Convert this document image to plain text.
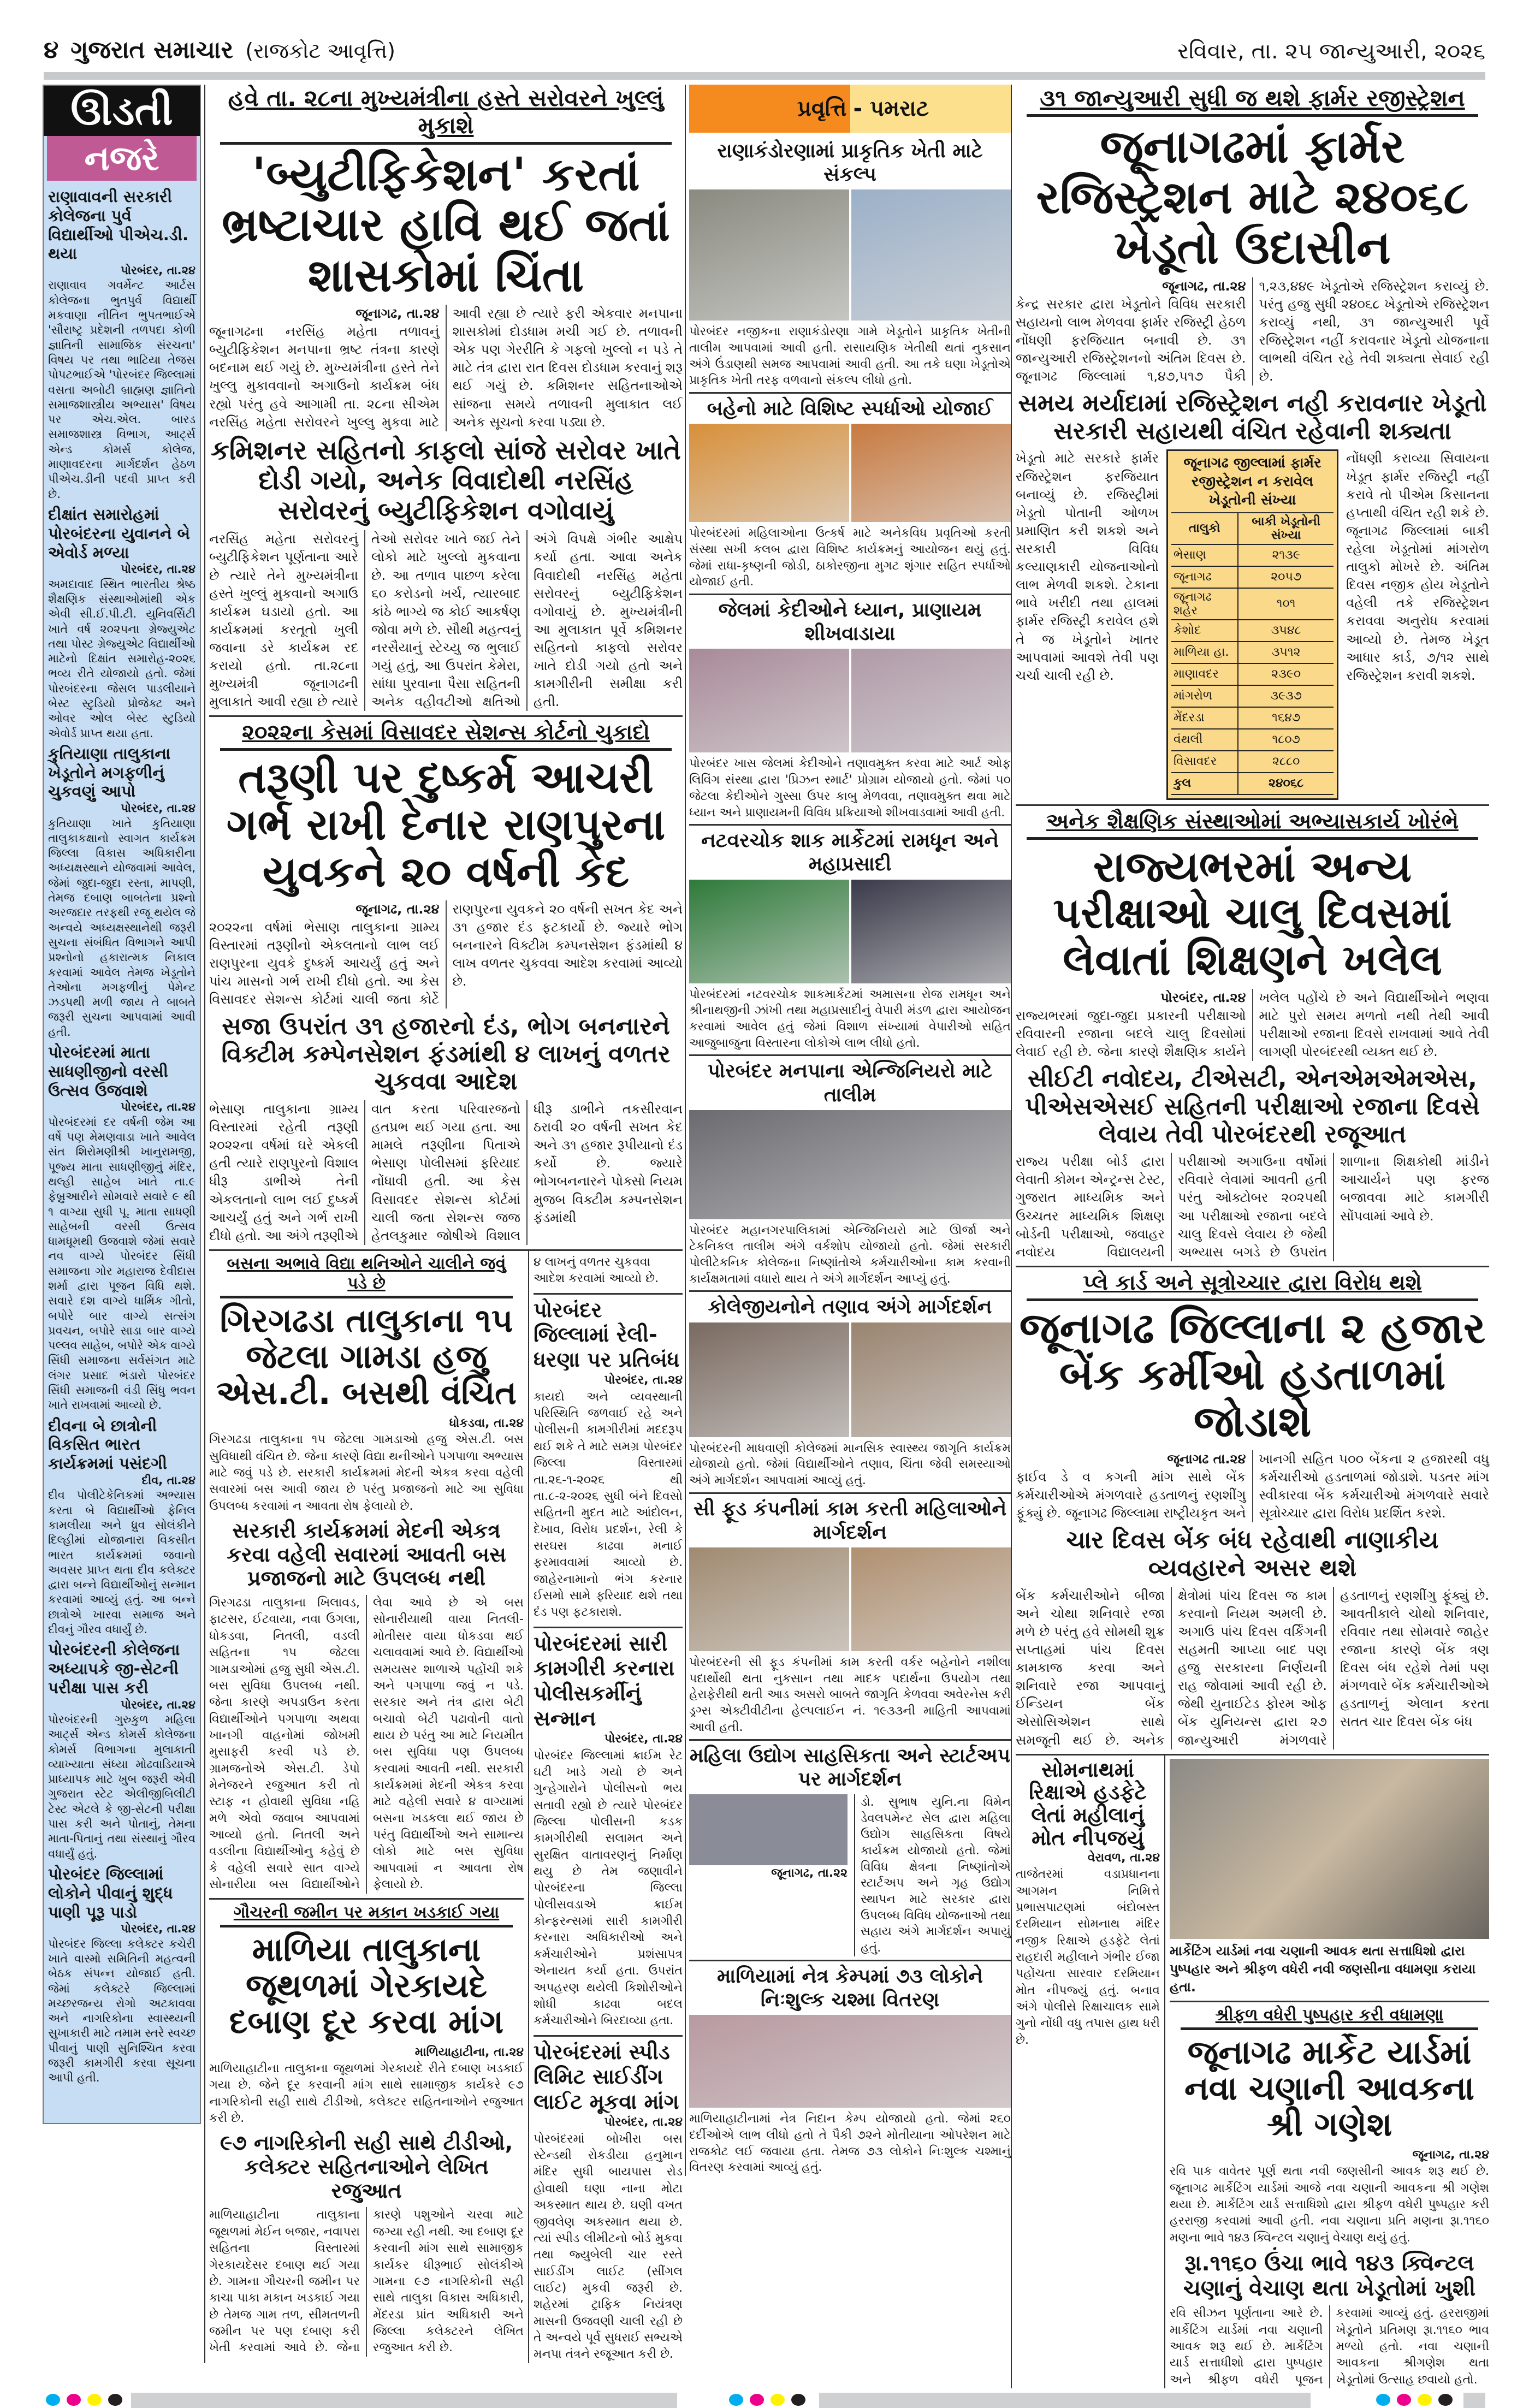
૪ ગુજરાત સમાચાર (રાજકોટ આવૃત્તિ)	રવિવાર, તા. ૨૫ જાન્યુઆરી, ૨૦૨૬
ઊડતી
નજરે
રાણાવાવની સરકારી કોલેજના પુર્વ વિદ્યાર્થીઓ પીએચ.ડી. થયા
પોરબંદર, તા.૨૪
રાણાવાવ ગવર્મેન્ટ આર્ટસ કોલેજના ભુતપુર્વ વિદ્યાર્થી મકવાણા નીતિન ભુપતભાઈએ 'સૌરાષ્ટ્ર પ્રદેશની તળપદા કોળી જ્ઞાતિની સામાજિક સંરચના' વિષય પર તથા ભાટિયા તેજસ પોપટભાઈએ 'પોરબંદર જિલ્લામાં વસતા અબોટી બ્રાહ્મણ જ્ઞાતિનો સમાજશાસ્ત્રીય અભ્યાસ' વિષય પર એચ.એલ. બારડ સમાજશાસ્ત્ર વિભાગ, આર્ટ્સ એન્ડ કોમર્સ કોલેજ, માણાવદરના માર્ગદર્શન હેઠળ પીએચ.ડીની પદવી પ્રાપ્ત કરી છે.
દીક્ષાંત સમારોહમાં પોરબંદરના યુવાનને બે એવોર્ડ મળ્યા
પોરબંદર, તા.૨૪
અમદાવાદ સ્થિત ભારતીય શ્રેષ્ઠ શૈક્ષણિક સંસ્થાઓમાંથી એક એવી સી.ઈ.પી.ટી. યુનિવર્સિટી ખાતે વર્ષ ૨૦૨૫ના ગ્રેજ્યુએટ તથા પોસ્ટ ગ્રેજ્યુએટ વિદ્યાર્થીઓ માટેનો દિક્ષાંત સમારોહ-૨૦૨૬ ભવ્ય રીતે યોજાયો હતો. જેમાં પોરબંદરના જેસલ પાડલીયાને બેસ્ટ સ્ટુડિયો પ્રોજેક્ટ અને ઓવર ઓલ બેસ્ટ સ્ટુડિયો એવોર્ડ પ્રાપ્ત થયા હતા.
કુતિયાણા તાલુકાના ખેડૂતોને મગફળીનું ચુકવણું આપો
પોરબંદર, તા.૨૪
કુતિયાણા ખાતે કુતિયાણા તાલુકાકક્ષાનો સ્વાગત કાર્યક્રમ જિલ્લા વિકાસ અધિકારીના અધ્યક્ષસ્થાને યોજવામાં આવેલ, જેમાં જુદા-જુદા રસ્તા, માપણી, તેમજ દબાણ બાબતેના પ્રશ્નો અરજદાર તરફથી રજૂ થયેલ જે અન્વયે અધ્યક્ષસ્થાનેથી જરૂરી સુચના સંબંધિત વિભાગને આપી પ્રશ્નોનો હકારાત્મક નિકાલ કરવામાં આવેલ તેમજ ખેડૂતોને તેઓના મગફળીનું પેમેન્ટ ઝડપથી મળી જાય તે બાબતે જરૂરી સુચના આપવામાં આવી હતી.
પોરબંદરમાં માતા સાધણીજીનો વરસી ઉત્સવ ઉજવાશે
પોરબંદર, તા.૨૪
પોરબંદરમાં દર વર્ષની જેમ આ વર્ષે પણ મેમણવાડા ખાતે આવેલ સંત શિરોમણીશ્રી ખાનુરામજી, પૂજ્ય માતા સાધણીજીનું મંદિર, થલ્હી સાહેબ ખાતે તા.૯ ફેબ્રુઆરીને સોમવારે સવારે ૯ થી ૧ વાગ્યા સુધી પૂ. માતા સાધણી સાહેબની વરસી ઉત્સવ ધામધૂમથી ઉજવાશે જેમાં સવારે નવ વાગ્યે પોરબંદર સિંધી સમાજના ગોર મહારાજ દેવીદાસ શર્મા દ્વારા પૂજન વિધિ થશે. સવારે દશ વાગ્યે ધાર્મિક ગીતો, બપોરે બાર વાગ્યે સત્સંગ પ્રવચન, બપોરે સાડા બાર વાગ્યે પલ્લવ સાહેબ, બપોરે એક વાગ્યે સિંધી સમાજના સર્વસંગત માટે લંગર પ્રસાદ ભંડારો પોરબંદર સિંધી સમાજની વંડી સિંધુ ભવન ખાતે રાખવામાં આવ્યો છે.
દીવના બે છાત્રોની વિકસિત ભારત કાર્યક્રમમાં પસંદગી
દીવ, તા.૨૪
દીવ પોલીટેકેનિકમાં અભ્યાસ કરતા બે વિદ્યાર્થીઓ ફેનિલ કામલીયા અને ધ્રુવ સોલંકીને દિલ્હીમાં યોજાનારા વિકસીત ભારત કાર્યક્રમમાં જવાનો અવસર પ્રાપ્ત થતા દીવ કલેક્ટર દ્વારા બન્ને વિદ્યાર્થીઓનું સન્માન કરવામાં આવ્યું હતું. આ બન્ને છાત્રોએ ખારવા સમાજ અને દીવનું ગૌરવ વધાર્યું છે.
પોરબંદરની કોલેજના અધ્યાપકે જી-સેટની પરીક્ષા પાસ કરી
પોરબંદર, તા.૨૪
પોરબંદરની ગુરુકુળ મહિલા આર્ટ્સ એન્ડ કોમર્સ કોલેજના કોમર્સ વિભાગના મુલાકાતી વ્યાખ્યાતા સંધ્યા મોઢવાડિયાએ પ્રાધ્યાપક માટે ખુબ જરૂરી એવી ગુજરાત સ્ટેટ એલીજીબિલીટી ટેસ્ટ એટલે કે જી-સેટની પરીક્ષા પાસ કરી અને પોતાનું, તેમના માતા-પિતાનું તથા સંસ્થાનું ગૌરવ વધાર્યું હતું.
પોરબંદર જિલ્લામાં લોકોને પીવાનું શુદ્ધ પાણી પૂરૂ પાડો
પોરબંદર, તા.૨૪
પોરબંદર જિલ્લા કલેક્ટર કચેરી ખાતે વાસ્મો સમિતિની મહત્વની બેઠક સંપન્ન યોજાઈ હતી. જેમાં કલેક્ટરે જિલ્લામાં મચ્છરજન્ય રોગો અટકાવવા અને નાગરિકોના સ્વાસ્થ્યની સુખાકારી માટે તમામ સ્તરે સ્વચ્છ પીવાનું પાણી સુનિશ્ચિત કરવા જરૂરી કામગીરી કરવા સૂચના આપી હતી.
હવે તા. ૨૮ના મુખ્યમંત્રીના હસ્તે સરોવરને ખુલ્લું મુકાશે
'બ્યુટીફિકેશન' કરતાં ભ્રષ્ટાચાર હાવિ થઈ જતાં શાસકોમાં ચિંતા
જૂનાગઢ, તા.૨૪
જૂનાગઢના નરસિંહ મહેતા તળાવનું બ્યુટીફિકેશન મનપાના ભ્રષ્ટ તંત્રના કારણે બદનામ થઈ ગયું છે. મુખ્યમંત્રીના હસ્તે તેને ખુલ્લુ મુકાવવાનો અગાઉનો કાર્યક્રમ બંધ રહ્યો પરંતુ હવે આગામી તા. ૨૮ના સીએમ નરસિંહ મહેતા સરોવરને ખુલ્લુ મુકવા માટે આવી રહ્યા છે ત્યારે ફરી એકવાર મનપાના શાસકોમાં દોડધામ મચી ગઈ છે. તળાવની એક પણ ગેરરીતિ કે ગફલો ખુલ્લો ન પડે તે માટે તંત્ર દ્વારા રાત દિવસ દોડધામ કરવાનું શરૂ થઈ ગયું છે. કમિશનર સહિતનાઓએ સાંજના સમયે તળાવની મુલાકાત લઈ અનેક સૂચનો કરવા પડ્યા છે.
કમિશનર સહિતનો કાફલો સાંજે સરોવર ખાતે દોડી ગયો, અનેક વિવાદોથી નરસિંહ સરોવરનું બ્યુટીફિકેશન વગોવાયું
નરસિંહ મહેતા સરોવરનું બ્યુટીફિકેશન પૂર્ણતાના આરે છે ત્યારે તેને મુખ્યમંત્રીના હસ્તે ખુલ્લું મુકવાનો અગાઉ કાર્યક્રમ ઘડાયો હતો. આ કાર્યક્રમમાં કરતૂતો ખુલી જવાના ડરે કાર્યક્રમ રદ કરાયો હતો. તા.૨૮ના મુખ્યમંત્રી જૂનાગઢની મુલાકાતે આવી રહ્યા છે ત્યારે તેઓ સરોવર ખાતે જઈ તેને લોકો માટે ખુલ્લો મુકવાના છે. આ તળાવ પાછળ કરેલા ૬૦ કરોડનો ખર્ચ, ત્યારબાદ કાંઠે ભાગ્યે જ કોઈ આકર્ષણ જોવા મળે છે. સૌથી મહત્વનું નરસૈયાનું સ્ટેચ્યુ જ ભુલાઈ ગયું હતું, આ ઉપરાંત કેમેરા, સાંધા પુરવાના પૈસા સહિતની અનેક વહીવટીઓ ક્ષતિઓ અંગે વિપક્ષે ગંભીર આક્ષેપ કર્યા હતા. આવા અનેક વિવાદોથી નરસિંહ મહેતા સરોવરનું બ્યુટીફિકેશન વગોવાયું છે. મુખ્યમંત્રીની આ મુલાકાત પૂર્વે કમિશનર સહિતનો કાફલો સરોવર ખાતે દોડી ગયો હતો અને કામગીરીની સમીક્ષા કરી હતી.
૨૦૨૨ના કેસમાં વિસાવદર સેશન્સ કોર્ટનો ચુકાદો
તરૂણી પર દુષ્કર્મ આચરી ગર્ભ રાખી દેનાર રાણપુરના યુવકને ૨૦ વર્ષની કેદ
જૂનાગઢ, તા.૨૪
૨૦૨૨ના વર્ષમાં ભેસાણ તાલુકાના ગ્રામ્ય વિસ્તારમાં તરૂણીનો એકલતાનો લાભ લઈ રાણપુરના યુવકે દુષ્કર્મ આચર્યું હતું અને પાંચ માસનો ગર્ભ રાખી દીધો હતો. આ કેસ વિસાવદર સેશન્સ કોર્ટમાં ચાલી જતા કોર્ટે રાણપુરના યુવકને ૨૦ વર્ષની સખત કેદ અને ૩૧ હજાર દંડ ફટકાર્યો છે. જ્યારે ભોગ બનનારને વિક્ટીમ કમ્પનસેશન ફંડમાંથી ૪ લાખ વળતર ચુકવવા આદેશ કરવામાં આવ્યો છે.
સજા ઉપરાંત ૩૧ હજારનો દંડ, ભોગ બનનારને વિક્ટીમ કમ્પેનસેશન ફંડમાંથી ૪ લાખનું વળતર ચુકવવા આદેશ
ભેસાણ તાલુકાના ગ્રામ્ય વિસ્તારમાં રહેતી તરૂણી ૨૦૨૨ના વર્ષમાં ઘરે એકલી હતી ત્યારે રાણપુરનો વિશાલ ધીરૂ ડાભીએ તેની એકલતાનો લાભ લઈ દુષ્કર્મ આચર્યું હતું અને ગર્ભ રાખી દીધો હતો. આ અંગે તરૂણીએ વાત કરતા પરિવારજનો હતપ્રભ થઈ ગયા હતા. આ મામલે તરૂણીના પિતાએ ભેસાણ પોલીસમાં ફરિયાદ નોંધાવી હતી. આ કેસ વિસાવદર સેશન્સ કોર્ટમાં ચાલી જતા સેશન્સ જજ હેતલકુમાર જોષીએ વિશાલ ધીરૂ ડાભીને તકસીરવાન ઠરાવી ૨૦ વર્ષની સખત કેદ અને ૩૧ હજાર રૂપીયાનો દંડ કર્યો છે. જ્યારે ભોગબનનારને પોક્સો નિયમ મુજબ વિક્ટીમ કમ્પનસેશન ફંડમાંથી
બસના અભાવે વિદ્યા થનિઓને ચાલીને જવું પડે છે
ગિરગઢડા તાલુકાના ૧૫ જેટલા ગામડા હજુ એસ.ટી. બસથી વંચિત
ધોકડવા, તા.૨૪
ગિરગઢડા તાલુકાના ૧૫ જેટલા ગામડાઓ હજુ એસ.ટી. બસ સુવિધાથી વંચિત છે. જેના કારણે વિદ્યા થનીઓને પગપાળા અભ્યાસ માટે જવું પડે છે. સરકારી કાર્યક્રમમાં મેદની એકત્ર કરવા વહેલી સવારમાં બસ આવી જાય છે પરંતુ પ્રજાજનો માટે આ સુવિધા ઉપલબ્ધ કરવામાં ન આવતા રોષ ફેલાયો છે.
સરકારી કાર્યક્રમમાં મેદની એકત્ર કરવા વહેલી સવારમાં આવતી બસ પ્રજાજનો માટે ઉપલબ્ધ નથી
ગિરગઢડા તાલુકાના ખિલાવડ, ફાટસર, ઈટવાયા, નવા ઉગલા, ધોકડવા, નિતલી, વડલી સહિતના ૧૫ જેટલા ગામડાઓમાં હજુ સુધી એસ.ટી. બસ સુવિધા ઉપલબ્ધ નથી. જેના કારણે અપડાઉન કરતા વિદ્યાર્થીઓને પગપાળા અથવા ખાનગી વાહનોમાં જોખમી મુસાફરી કરવી પડે છે. ગ્રામજનોએ એસ.ટી. ડેપો મેનેજરને રજુઆત કરી તો સ્ટાફ ન હોવાથી સુવિધા નહિ મળે એવો જવાબ આપવામાં આવ્યો હતો. નિતલી અને વડલીના વિદ્યાર્થીઓનુ કહેવું છે કે વહેલી સવારે સાત વાગ્યે સોનારીયા બસ વિદ્યાર્થીઓને લેવા આવે છે એ બસ સોનારીયાથી વાયા નિતલી-મોતીસર વાયા ધોકડવા થઈ ચલાવવામાં આવે છે. વિદ્યાર્થીઓ સમયસર શાળાએ પહોંચી શકે અને પગપાળા જવું ન પડે. સરકાર અને તંત્ર દ્વારા બેટી બચાવો બેટી પઢાવોની વાતો થાય છે પરંતુ આ માટે નિયમીત બસ સુવિધા પણ ઉપલબ્ધ કરવામાં આવતી નથી. સરકારી કાર્યક્રમમાં મેદની એકત્ર કરવા માટે વહેલી સવારે ૪ વાગ્યામાં બસના ખડકલા થઈ જાય છે પરંતુ વિદ્યાર્થીઓ અને સામાન્ય લોકો માટે બસ સુવિધા આપવામાં ન આવતા રોષ ફેલાયો છે.
ગૌચરની જમીન પર મકાન ખડકાઈ ગયા
માળિયા તાલુકાના જૂથળમાં ગેરકાયદે દબાણ દૂર કરવા માંગ
માળિયાહાટીના, તા.૨૪
માળિયાહાટીના તાલુકાના જૂથળમાં ગેરકાયદે રીતે દબાણ ખડકાઈ ગયા છે. જેને દૂર કરવાની માંગ સાથે સામાજીક કાર્યકરે ૯૭ નાગરિકોની સહી સાથે ટીડીઓ, કલેક્ટર સહિતનાઓને રજુઆત કરી છે.
૯૭ નાગરિકોની સહી સાથે ટીડીઓ, કલેક્ટર સહિતનાઓને લેખિત રજુઆત
માળિયાહાટીના તાલુકાના જૂથળમાં મેઈન બજાર, નવાપરા સહિતના વિસ્તારમાં ગેરકાયદેસર દબાણ થઈ ગયા છે. ગામના ગૌચરની જમીન પર કાચા પાકા મકાન ખડકાઈ ગયા છે તેમજ ગામ તળ, સીમતળની જમીન પર પણ દબાણ કરી ખેતી કરવામાં આવે છે. જેના કારણે પશુઓને ચરવા માટે જગ્યા રહી નથી. આ દબાણ દૂર કરવાની માંગ સાથે સામાજીક કાર્યકર ધીરૂભાઈ સોલંકીએ ગામના ૯૭ નાગરિકોની સહી સાથે તાલુકા વિકાસ અધિકારી, મેંદરડા પ્રાંત અધિકારી અને જિલ્લા કલેક્ટરને લેખિત રજુઆત કરી છે.
૪ લાખનું વળતર ચુકવવા આદેશ કરવામાં આવ્યો છે.
પોરબંદર જિલ્લામાં રેલી-ધરણા પર પ્રતિબંધ
પોરબંદર, તા.૨૪
કાયદો અને વ્યવસ્થાની પરિસ્થિતિ જળવાઈ રહે અને પોલીસની કામગીરીમાં મદદરૂપ થઈ શકે તે માટે સમગ્ર પોરબંદર જિલ્લા વિસ્તારમાં તા.૨૬-૧-૨૦૨૬ થી તા.૮-૨-૨૦૨૬ સુધી બંને દિવસો સહિતની મુદત માટે આંદોલન, દેખાવ, વિરોધ પ્રદર્શન, રેલી કે સરઘસ કાઢવા મનાઈ ફરમાવવામાં આવ્યો છે. જાહેરનામાનો ભંગ કરનાર ઈસમો સામે ફરિયાદ થશે તથા દંડ પણ ફટકારાશે.
પોરબંદરમાં સારી કામગીરી કરનારા પોલીસકર્મીનું સન્માન
પોરબંદર, તા.૨૪
પોરબંદર જિલ્લામાં ક્રાઈમ રેટ ઘટી ખાડે ગયો છે અને ગુન્હેગારોને પોલીસનો ભય સતાવી રહ્યો છે ત્યારે પોરબંદર જિલ્લા પોલીસની કડક કામગીરીથી સલામત અને સુરક્ષિત વાતાવરણનું નિર્માણ થયુ છે તેમ જણાવીને પોરબંદરના જિલ્લા પોલીસવડાએ ક્રાઈમ કોન્ફરન્સમાં સારી કામગીરી કરનારા અધિકારીઓ અને કર્મચારીઓને પ્રશંસાપત્ર એનાયત કર્યા હતા. ઉપરાંત અપહરણ થયેલી કિશોરીઓને શોધી કાઢવા બદલ કર્મચારીઓને બિરદાવ્યા હતા.
પોરબંદરમાં સ્પીડ લિમિટ સાઈડીંગ લાઈટ મૂકવા માંગ
પોરબંદર, તા.૨૪
પોરબંદરમાં બોખીરા બસ સ્ટેન્ડથી રોકડીયા હનુમાન મંદિર સુધી બાયપાસ રોડ હોવાથી ઘણા નાના મોટા અકસ્માત થાય છે. ઘણી વખત જીવલેણ અકસ્માત થયા છે. ત્યાં સ્પીડ લીમીટનો બોર્ડ મુકવા તથા જ્યુબેલી ચાર રસ્તે સાઈડીંગ લાઈટ (સીંગલ લાઈટ) મુકવી જરૂરી છે. શહેરમાં ટ્રાફિક નિયંત્રણ માસની ઉજવણી ચાલી રહી છે તે અન્વયે પૂર્વ સુધરાઈ સભ્યએ મનપા તંત્રને રજૂઆત કરી છે.
પ્રવૃત્તિ - પમરાટ
રાણાકંડોરણામાં પ્રાકૃતિક ખેતી માટે સંકલ્પ
પોરબંદર નજીકના રાણાકંડોરણા ગામે ખેડૂતોને પ્રાકૃતિક ખેતીની તાલીમ આપવામાં આવી હતી. રાસાયણિક ખેતીથી થતાં નુકસાન અંગે ઉંડાણથી સમજ આપવામાં આવી હતી. આ તકે ઘણા ખેડૂતોએ પ્રાકૃતિક ખેતી તરફ વળવાનો સંકલ્પ લીધો હતો.
બહેનો માટે વિશિષ્ટ સ્પર્ધાઓ યોજાઈ
પોરબંદરમાં મહિલાઓના ઉત્કર્ષ માટે અનેકવિધ પ્રવૃતિઓ કરતી સંસ્થા સખી કલબ દ્વારા વિશિષ્ટ કાર્યક્રમનું આયોજન થયું હતું. જેમાં રાધા-કૃષ્ણની જોડી, ઠાકોરજીના મુગટ શૃંગાર સહિત સ્પર્ધાઓ યોજાઈ હતી.
જેલમાં કેદીઓને ધ્યાન, પ્રાણાયમ શીખવાડાયા
પોરબંદર ખાસ જેલમાં કેદીઓને તણાવમુક્ત કરવા માટે આર્ટ ઓફ લિવિંગ સંસ્થા દ્વારા 'પ્રિઝન સ્માર્ટ' પ્રોગ્રામ યોજાયો હતો. જેમાં ૫૦ જેટલા કેદીઓને ગુસ્સા ઉપર કાબુ મેળવવા, તણાવમુક્ત થવા માટે ધ્યાન અને પ્રાણાયમની વિવિધ પ્રક્રિયાઓ શીખવાડવામાં આવી હતી.
નટવરચોક શાક માર્કેટમાં રામધૂન અને મહાપ્રસાદી
પોરબંદરમાં નટવરચોક શાકમાર્કેટમાં અમાસના રોજ રામધૂન અને શ્રીનાથજીની ઝાંખી તથા મહાપ્રસાદીનું વેપારી મંડળ દ્વારા આયોજન કરવામાં આવેલ હતું જેમાં વિશાળ સંખ્યામાં વેપારીઓ સહિત આજુબાજુના વિસ્તારના લોકોએ લાભ લીધો હતો.
પોરબંદર મનપાના એન્જિનિયરો માટે તાલીમ
પોરબંદર મહાનગરપાલિકામાં એન્જિનિયરો માટે ઊર્જા અને ટેકનિકલ તાલીમ અંગે વર્કશોપ યોજાયો હતો. જેમાં સરકારી પોલીટેકનિક કોલેજના નિષ્ણાંતોએ કર્મચારીઓના કામ કરવાની કાર્યક્ષમતામાં વધારો થાય તે અંગે માર્ગદર્શન આપ્યું હતું.
કોલેજીયનોને તણાવ અંગે માર્ગદર્શન
પોરબંદરની માધવાણી કોલેજમાં માનસિક સ્વાસ્થ્ય જાગૃતિ કાર્યક્રમ યોજાયો હતો. જેમાં વિદ્યાર્થીઓને તણાવ, ચિંતા જેવી સમસ્યાઓ અંગે માર્ગદર્શન આપવામાં આવ્યું હતું.
સી ફૂડ કંપનીમાં કામ કરતી મહિલાઓને માર્ગદર્શન
પોરબંદરની સી ફૂડ કંપનીમાં કામ કરતી વર્કર બહેનોને નશીલા પદાર્થોથી થતા નુકસાન તથા માદક પદાર્થના ઉપયોગ તથા હેરાફેરીથી થતી આડ અસરો બાબતે જાગૃતિ કેળવવા અવેરનેસ કરી ડ્રગ્સ એક્ટીવીટીના હેલ્પલાઈન નં. ૧૯૩૩ની માહિતી આપવામાં આવી હતી.
મહિલા ઉદ્યોગ સાહસિકતા અને સ્ટાર્ટઅપ પર માર્ગદર્શન
જૂનાગઢ, તા.૨૨
ડો. સુભાષ યુનિ.ના વિમેન ડેવલપમેન્ટ સેલ દ્વારા મહિલા ઉદ્યોગ સાહસિકતા વિષયે કાર્યક્રમ યોજાયો હતો. જેમાં વિવિધ ક્ષેત્રના નિષ્ણાંતોએ સ્ટાર્ટઅપ અને ગૃહ ઉદ્યોગ સ્થાપન માટે સરકાર દ્વારા ઉપલબ્ધ વિવિધ યોજનાઓ તથા સહાય અંગે માર્ગદર્શન અપાયું હતું.
માળિયામાં નેત્ર કેમ્પમાં ૭૩ લોકોને નિઃશુલ્ક ચશ્મા વિતરણ
માળિયાહાટીનામાં નેત્ર નિદાન કેમ્પ યોજાયો હતો. જેમાં ૨૬૦ દર્દીઓએ લાભ લીધો હતો તે પૈકી ૭૨ને મોતીયાના ઓપરેશન માટે રાજકોટ લઈ જવાયા હતા. તેમજ ૭૩ લોકોને નિઃશુલ્ક ચશ્માનું વિતરણ કરવામાં આવ્યું હતું.
૩૧ જાન્યુઆરી સુધી જ થશે ફાર્મર રજીસ્ટ્રેશન
જૂનાગઢમાં ફાર્મર રજિસ્ટ્રેશન માટે ૨૪૦૬૮ ખેડૂતો ઉદાસીન
જૂનાગઢ, તા.૨૪
કેન્દ્ર સરકાર દ્વારા ખેડૂતોને વિવિધ સરકારી સહાયનો લાભ મેળવવા ફાર્મર રજિસ્ટ્રી હેઠળ નોંધણી ફરજિયાત બનાવી છે. ૩૧ જાન્યુઆરી રજિસ્ટ્રેશનનો અંતિમ દિવસ છે. જૂનાગઢ જિલ્લામાં ૧,૪૭,૫૧૭ પૈકી ૧,૨૩,૪૪૯ ખેડૂતોએ રજિસ્ટ્રેશન કરાવ્યું છે. પરંતુ હજુ સુધી ૨૪૦૬૮ ખેડૂતોએ રજિસ્ટ્રેશન કરાવ્યું નથી, ૩૧ જાન્યુઆરી પૂર્વે રજિસ્ટ્રેશન નહીં કરાવનાર ખેડૂતો યોજનાના લાભથી વંચિત રહે તેવી શક્યતા સેવાઈ રહી છે.
સમય મર્યાદામાં રજિસ્ટ્રેશન નહી કરાવનાર ખેડૂતો સરકારી સહાયથી વંચિત રહેવાની શક્યતા
ખેડૂતો માટે સરકારે ફાર્મર રજિસ્ટ્રેશન ફરજિયાત બનાવ્યું છે. રજિસ્ટ્રીમાં ખેડૂતો પોતાની ઓળખ પ્રમાણિત કરી શકશે અને સરકારી વિવિધ કલ્યાણકારી યોજનાઓનો લાભ મેળવી શકશે. ટેકાના ભાવે ખરીદી તથા હાલમાં ફાર્મર રજિસ્ટ્રી કરાવેલ હશે તે જ ખેડૂતોને ખાતર આપવામાં આવશે તેવી પણ ચર્ચા ચાલી રહી છે.
જૂનાગઢ જીલ્લામાં ફાર્મર રજીસ્ટ્રેશન ન કરાવેલ ખેડૂતોની સંખ્યા
તાલુકો	બાકી ખેડૂતોની સંખ્યા
ભેસાણ	૨૧૩૯
જૂનાગઢ	૨૦૫૭
જૂનાગઢ શહેર	૧૦૧
કેશોદ	૩૫૪૮
માળિયા હા.	૩૫૧૨
માણાવદર	૨૩૯૦
માંગરોળ	૩૯૩૭
મેંદરડા	૧૬૪૭
વંથલી	૧૮૦૭
વિસાવદર	૨૮૮૦
કુલ	૨૪૦૬૮
નોંધણી કરાવ્યા સિવાયના ખેડૂત ફાર્મર રજિસ્ટ્રી નહીં કરાવે તો પીએમ કિસાનના હપ્તાથી વંચિત રહી શકે છે. જૂનાગઢ જિલ્લામાં બાકી રહેલા ખેડૂતોમાં માંગરોળ તાલુકો મોખરે છે. અંતિમ દિવસ નજીક હોય ખેડૂતોને વહેલી તકે રજિસ્ટ્રેશન કરાવવા અનુરોધ કરવામાં આવ્યો છે. તેમજ ખેડૂત આધાર કાર્ડ, ૭/૧૨ સાથે રજિસ્ટ્રેશન કરાવી શકશે.
અનેક શૈક્ષણિક સંસ્થાઓમાં અભ્યાસકાર્ય ખોરંભે
રાજ્યભરમાં અન્ય પરીક્ષાઓ ચાલુ દિવસમાં લેવાતાં શિક્ષણને ખલેલ
પોરબંદર, તા.૨૪
રાજ્યભરમાં જુદા-જુદા પ્રકારની પરીક્ષાઓ રવિવારની રજાના બદલે ચાલુ દિવસોમાં લેવાઈ રહી છે. જેના કારણે શૈક્ષણિક કાર્યને ખલેલ પહોંચે છે અને વિદ્યાર્થીઓને ભણવા માટે પુરો સમય મળતો નથી તેથી આવી પરીક્ષાઓ રજાના દિવસે રાખવામાં આવે તેવી લાગણી પોરબંદરથી વ્યક્ત થઈ છે.
સીઈટી નવોદય, ટીએસટી, એનએમએમએસ, પીએસએસઈ સહિતની પરીક્ષાઓ રજાના દિવસે લેવાય તેવી પોરબંદરથી રજૂઆત
રાજ્ય પરીક્ષા બોર્ડ દ્વારા લેવાતી કોમન એન્ટ્રન્સ ટેસ્ટ, ગુજરાત માધ્યમિક અને ઉચ્ચતર માધ્યમિક શિક્ષણ બોર્ડની પરીક્ષાઓ, જવાહર નવોદય વિદ્યાલયની પરીક્ષાઓ અગાઉના વર્ષોમાં રવિવારે લેવામાં આવતી હતી પરંતુ ઓક્ટોબર ૨૦૨૫થી આ પરીક્ષાઓ રજાના બદલે ચાલુ દિવસે લેવાય છે જેથી અભ્યાસ બગડે છે ઉપરાંત શાળાના શિક્ષકોથી માંડીને આચાર્યને પણ ફરજ બજાવવા માટે કામગીરી સોંપવામાં આવે છે.
પ્લે કાર્ડ અને સૂત્રોચ્ચાર દ્વારા વિરોધ થશે
જૂનાગઢ જિલ્લાના ૨ હજાર બેંક કર્મીઓ હડતાળમાં જોડાશે
જૂનાગઢ તા.૨૪
ફાઈવ ડે વ કગની માંગ સાથે બેંક કર્મચારીઓએ મંગળવારે હડતાળનું રણશીંગુ ફૂંક્યું છે. જૂનાગઢ જિલ્લામા રાષ્ટ્રીયકૃત અને ખાનગી સહિત ૫૦૦ બેંકના ૨ હજારથી વધુ કર્મચારીઓ હડતાળમાં જોડાશે. પડતર માંગ સ્વીકારવા બેંક કર્મચારીઓ મંગળવારે સવારે સૂત્રોચ્ચાર દ્વારા વિરોધ પ્રદર્શિત કરશે.
ચાર દિવસ બેંક બંધ રહેવાથી નાણાકીય વ્યવહારને અસર થશે
બેંક કર્મચારીઓને બીજા અને ચોથા શનિવારે રજા મળે છે પરંતુ હવે સોમથી શુક્ર સપ્તાહમાં પાંચ દિવસ કામકાજ કરવા અને શનિવારે રજા આપવાનું ઈન્ડિયન બેંક એસોસિએશન સાથે સમજૂતી થઈ છે. અનેક ક્ષેત્રોમાં પાંચ દિવસ જ કામ કરવાનો નિયમ અમલી છે. અગાઉ પાંચ દિવસ વર્કિંગની સહમતી આપ્યા બાદ પણ હજુ સરકારના નિર્ણયની રાહ જોવામાં આવી રહી છે. જેથી યુનાઈટેડ ફોરમ ઓફ બેંક યુનિયન્સ દ્વારા ૨૭ જાન્યુઆરી મંગળવારે હડતાળનું રણશીંગુ ફૂંક્યું છે. આવતીકાલે ચોથો શનિવાર, રવિવાર તથા સોમવારે જાહેર રજાના કારણે બેંક ત્રણ દિવસ બંધ રહેશે તેમાં પણ મંગળવારે બેંક કર્મચારીઓએ હડતાળનું એલાન કરતા સતત ચાર દિવસ બેંક બંધ
સોમનાથમાં રિક્ષાએ હડફેટે લેતાં મહીલાનું મોત નીપજયું
વેરાવળ, તા.૨૪
તાજેતરમાં વડાપ્રધાનના આગમન નિમિત્તે પ્રભાસપાટણમાં બંદોબસ્ત દરમિયાન સોમનાથ મંદિર નજીક રિક્ષાએ હડફેટે લેતાં રાહદારી મહીલાને ગંભીર ઈજા પહોંચતા સારવાર દરમિયાન મોત નીપજ્યું હતું. બનાવ અંગે પોલીસે રિક્ષાચાલક સામે ગુનો નોંધી વધુ તપાસ હાથ ધરી છે.
માર્કેટિંગ યાર્ડમાં નવા ચણાની આવક થતા સત્તાધિશો દ્વારા પુષ્પહાર અને શ્રીફળ વધેરી નવી જણસીના વધામણા કરાયા હતા.
શ્રીફળ વધેરી પુષ્પહાર કરી વધામણા
જૂનાગઢ માર્કેટ યાર્ડમાં નવા ચણાની આવકના શ્રી ગણેશ
જૂનાગઢ, તા.૨૪
રવિ પાક વાવેતર પૂર્ણ થતા નવી જણસીની આવક શરૂ થઈ છે. જૂનાગઢ માર્કેટિંગ યાર્ડમાં આજે નવા ચણાની આવકના શ્રી ગણેશ થયા છે. માર્કેટિંગ યાર્ડ સત્તાધિશો દ્વારા શ્રીફળ વધેરી પુષ્પહાર કરી હરરાજી કરવામાં આવી હતી. નવા ચણાના પ્રતિ મણના રૂા.૧૧૬૦ મણના ભાવે ૧૪૩ ક્વિન્ટલ ચણાનું વેચાણ થયું હતું.
રૂા.૧૧૬૦ ઉંચા ભાવે ૧૪૩ ક્વિન્ટલ ચણાનું વેચાણ થતા ખેડૂતોમાં ખુશી
રવિ સીઝન પૂર્ણતાના આરે છે. માર્કેટિંગ યાર્ડમાં નવા ચણાની આવક શરૂ થઈ છે. માર્કેટિંગ યાર્ડ સત્તાધીશો દ્વારા પુષ્પહાર અને શ્રીફળ વધેરી પૂજન કરવામાં આવ્યું હતું. હરરાજીમાં ખેડૂતોને પ્રતિમણ રૂા.૧૧૬૦ ભાવ મળ્યો હતો. નવા ચણાની આવકના શ્રીગણેશ થતા ખેડૂતોમાં ઉત્સાહ છવાયો હતો.
